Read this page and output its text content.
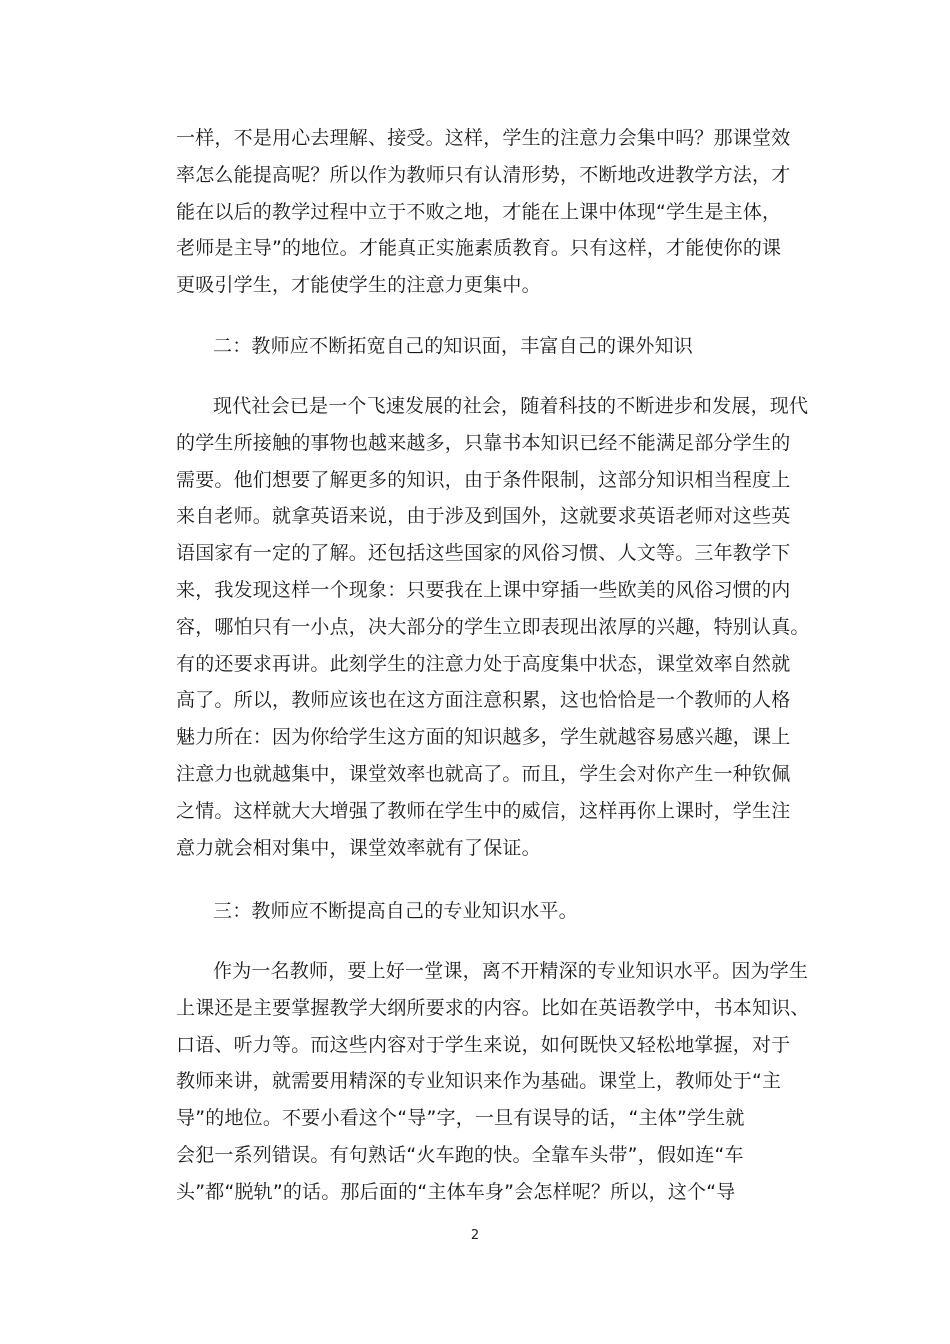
一样，不是用心去理解、接受。这样，学生的注意力会集中吗？那课堂效
率怎么能提高呢？所以作为教师只有认清形势，不断地改进教学方法，才
能在以后的教学过程中立于不败之地，才能在上课中体现“学生是主体，
老师是主导”的地位。才能真正实施素质教育。只有这样，才能使你的课
更吸引学生，才能使学生的注意力更集中。
二：教师应不断拓宽自己的知识面，丰富自己的课外知识
现代社会已是一个飞速发展的社会，随着科技的不断进步和发展，现代
的学生所接触的事物也越来越多，只靠书本知识已经不能满足部分学生的
需要。他们想要了解更多的知识，由于条件限制，这部分知识相当程度上
来自老师。就拿英语来说，由于涉及到国外，这就要求英语老师对这些英
语国家有一定的了解。还包括这些国家的风俗习惯、人文等。三年教学下
来，我发现这样一个现象：只要我在上课中穿插一些欧美的风俗习惯的内
容，哪怕只有一小点，决大部分的学生立即表现出浓厚的兴趣，特别认真。
有的还要求再讲。此刻学生的注意力处于高度集中状态，课堂效率自然就
高了。所以，教师应该也在这方面注意积累，这也恰恰是一个教师的人格
魅力所在：因为你给学生这方面的知识越多，学生就越容易感兴趣，课上
注意力也就越集中，课堂效率也就高了。而且，学生会对你产生一种钦佩
之情。这样就大大增强了教师在学生中的威信，这样再你上课时，学生注
意力就会相对集中，课堂效率就有了保证。
三：教师应不断提高自己的专业知识水平。
作为一名教师，要上好一堂课，离不开精深的专业知识水平。因为学生
上课还是主要掌握教学大纲所要求的内容。比如在英语教学中，书本知识、
口语、听力等。而这些内容对于学生来说，如何既快又轻松地掌握，对于
教师来讲，就需要用精深的专业知识来作为基础。课堂上，教师处于“主
导”的地位。不要小看这个“导”字，一旦有误导的话，“主体”学生就
会犯一系列错误。有句熟话“火车跑的快。全靠车头带”，假如连“车
头”都“脱轨”的话。那后面的“主体车身”会怎样呢？所以，这个“导
2
